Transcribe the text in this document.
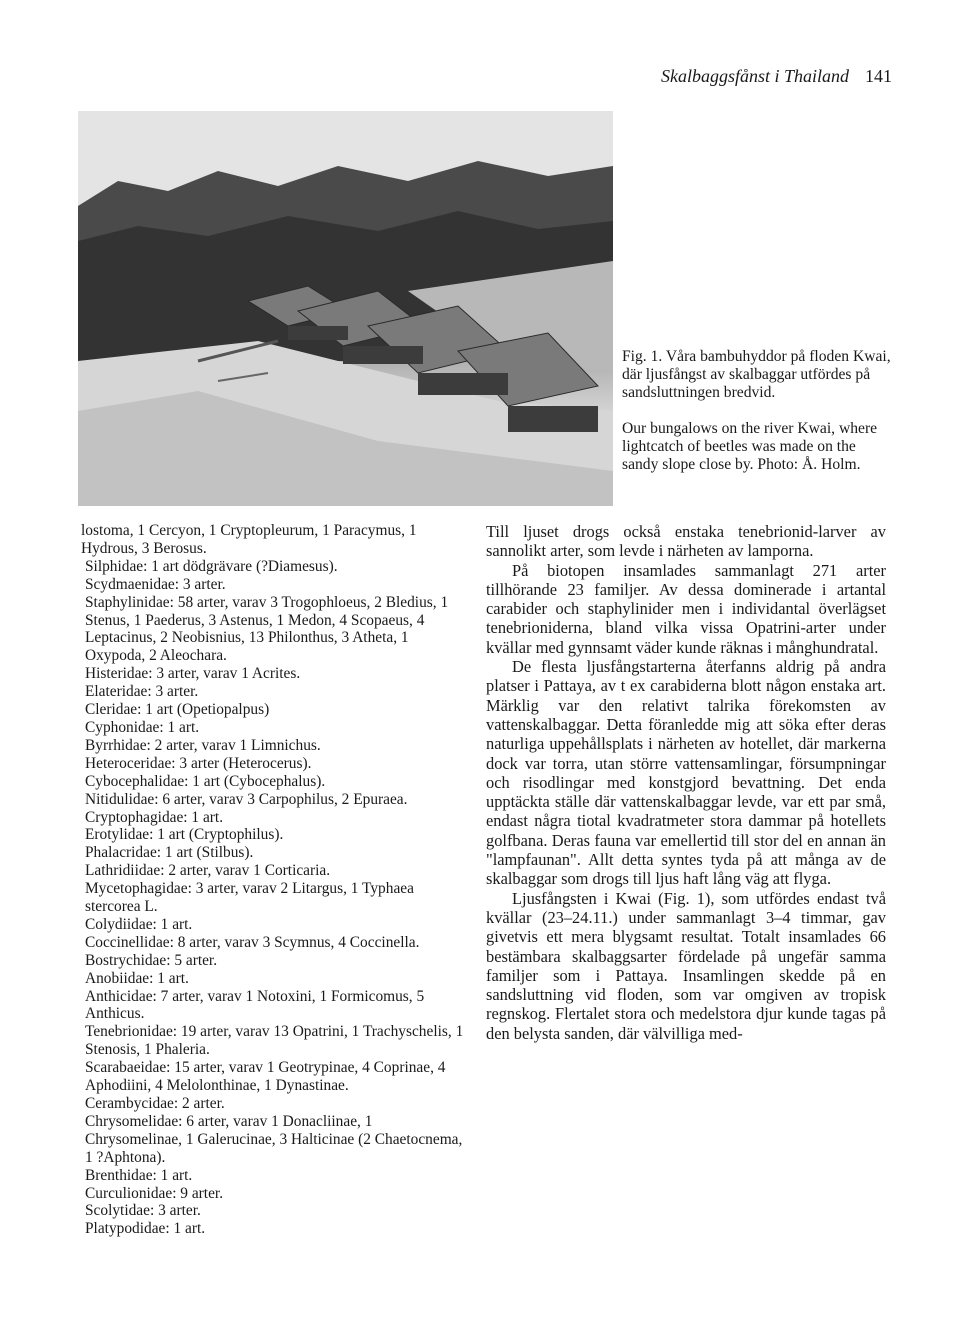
Skalbaggsfånst i Thailand 141

Fig. 1. Våra bambuhyddor på floden Kwai, där ljusfångst av skalbaggar utfördes på sandsluttningen bredvid.

Our bungalows on the river Kwai, where lightcatch of beetles was made on the sandy slope close by. Photo: Å. Holm.

lostoma, 1 Cercyon, 1 Cryptopleurum, 1 Paracymus, 1 Hydrous, 3 Berosus.

Silphidae: 1 art dödgrävare (?Diamesus).

Scydmaenidae: 3 arter.

Staphylinidae: 58 arter, varav 3 Trogophloeus, 2 Bledius, 1 Stenus, 1 Paederus, 3 Astenus, 1 Medon, 4 Scopaeus, 4 Leptacinus, 2 Neobisnius, 13 Philonthus, 3 Atheta, 1 Oxypoda, 2 Aleochara.

Histeridae: 3 arter, varav 1 Acrites.

Elateridae: 3 arter.

Cleridae: 1 art (Opetiopalpus)

Cyphonidae: 1 art.

Byrrhidae: 2 arter, varav 1 Limnichus.

Heteroceridae: 3 arter (Heterocerus).

Cybocephalidae: 1 art (Cybocephalus).

Nitidulidae: 6 arter, varav 3 Carpophilus, 2 Epuraea.

Cryptophagidae: 1 art.

Erotylidae: 1 art (Cryptophilus).

Phalacridae: 1 art (Stilbus).

Lathridiidae: 2 arter, varav 1 Corticaria.

Mycetophagidae: 3 arter, varav 2 Litargus, 1 Typhaea stercorea L.

Colydiidae: 1 art.

Coccinellidae: 8 arter, varav 3 Scymnus, 4 Coccinella.

Bostrychidae: 5 arter.

Anobiidae: 1 art.

Anthicidae: 7 arter, varav 1 Notoxini, 1 Formicomus, 5 Anthicus.

Tenebrionidae: 19 arter, varav 13 Opatrini, 1 Trachyschelis, 1 Stenosis, 1 Phaleria.

Scarabaeidae: 15 arter, varav 1 Geotrypinae, 4 Coprinae, 4 Aphodiini, 4 Melolonthinae, 1 Dynastinae.

Cerambycidae: 2 arter.

Chrysomelidae: 6 arter, varav 1 Donacliinae, 1 Chrysomelinae, 1 Galerucinae, 3 Halticinae (2 Chaetocnema, 1 ?Aphtona).

Brenthidae: 1 art.

Curculionidae: 9 arter.

Scolytidae: 3 arter.

Platypodidae: 1 art.

Till ljuset drogs också enstaka tenebrionid-larver av sannolikt arter, som levde i närheten av lamporna.

På biotopen insamlades sammanlagt 271 arter tillhörande 23 familjer. Av dessa dominerade i artantal carabider och staphylinider men i individantal överlägset tenebrioniderna, bland vilka vissa Opatrini-arter under kvällar med gynnsamt väder kunde räknas i månghundratal.

De flesta ljusfångstarterna återfanns aldrig på andra platser i Pattaya, av t ex carabiderna blott någon enstaka art. Märklig var den relativt talrika förekomsten av vattenskalbaggar. Detta föranledde mig att söka efter deras naturliga uppehållsplats i närheten av hotellet, där markerna dock var torra, utan större vattensamlingar, försumpningar och risodlingar med konstgjord bevattning. Det enda upptäckta ställe där vattenskalbaggar levde, var ett par små, endast några tiotal kvadratmeter stora dammar på hotellets golfbana. Deras fauna var emellertid till stor del en annan än "lampfaunan". Allt detta syntes tyda på att många av de skalbaggar som drogs till ljus haft lång väg att flyga.

Ljusfångsten i Kwai (Fig. 1), som utfördes endast två kvällar (23–24.11.) under sammanlagt 3–4 timmar, gav givetvis ett mera blygsamt resultat. Totalt insamlades 66 bestämbara skalbaggsarter fördelade på ungefär samma familjer som i Pattaya. Insamlingen skedde på en sandsluttning vid floden, som var omgiven av tropisk regnskog. Flertalet stora och medelstora djur kunde tagas på den belysta sanden, där välvilliga med-
